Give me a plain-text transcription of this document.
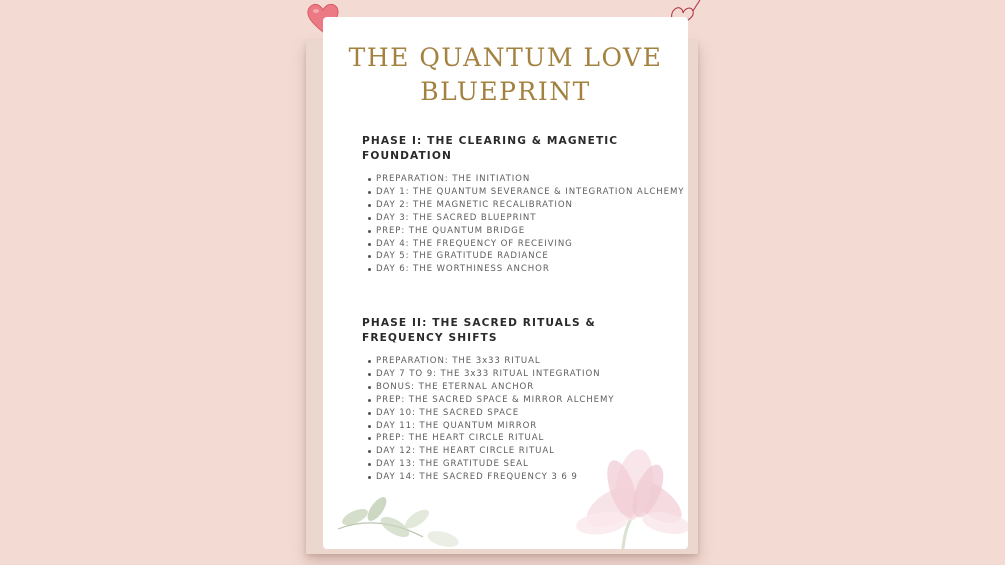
THE QUANTUM LOVE
BLUEPRINT
PHASE I: THE CLEARING & MAGNETIC FOUNDATION
PREPARATION: THE INITIATION
DAY 1: THE QUANTUM SEVERANCE & INTEGRATION ALCHEMY
DAY 2: THE MAGNETIC RECALIBRATION
DAY 3: THE SACRED BLUEPRINT
PREP: THE QUANTUM BRIDGE
DAY 4: THE FREQUENCY OF RECEIVING
DAY 5: THE GRATITUDE RADIANCE
DAY 6: THE WORTHINESS ANCHOR
PHASE II: THE SACRED RITUALS & FREQUENCY SHIFTS
PREPARATION: THE 3x33 RITUAL
DAY 7 TO 9: THE 3x33 RITUAL INTEGRATION
BONUS: THE ETERNAL ANCHOR
PREP: THE SACRED SPACE & MIRROR ALCHEMY
DAY 10: THE SACRED SPACE
DAY 11: THE QUANTUM MIRROR
PREP: THE HEART CIRCLE RITUAL
DAY 12: THE HEART CIRCLE RITUAL
DAY 13: THE GRATITUDE SEAL
DAY 14: THE SACRED FREQUENCY 3 6 9
